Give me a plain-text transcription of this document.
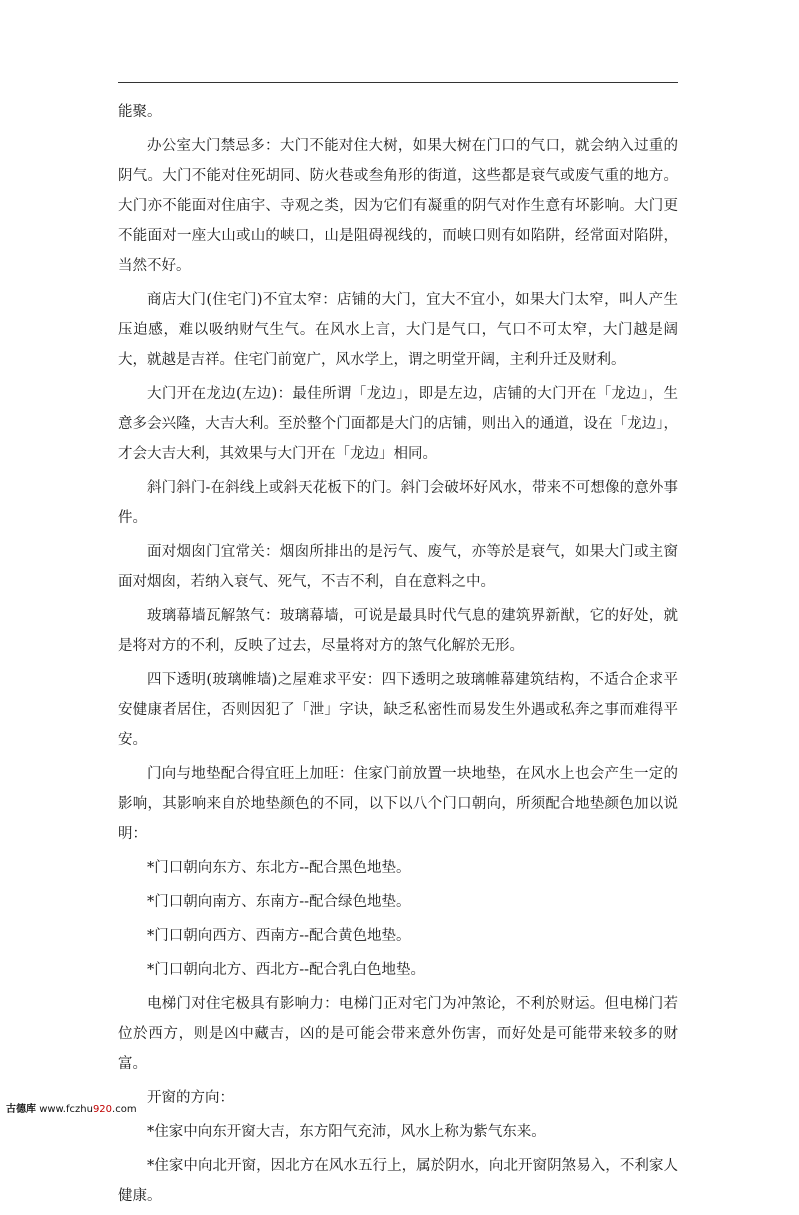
能聚。

办公室大门禁忌多：大门不能对住大树，如果大树在门口的气口，就会纳入过重的阴气。大门不能对住死胡同、防火巷或叁角形的街道，这些都是衰气或废气重的地方。大门亦不能面对住庙宇、寺观之类，因为它们有凝重的阴气对作生意有坏影响。大门更不能面对一座大山或山的峡口，山是阻碍视线的，而峡口则有如陷阱，经常面对陷阱，当然不好。

商店大门(住宅门)不宜太窄：店铺的大门，宜大不宜小，如果大门太窄，叫人产生压迫感，难以吸纳财气生气。在风水上言，大门是气口，气口不可太窄，大门越是阔大，就越是吉祥。住宅门前宽广，风水学上，谓之明堂开阔，主利升迁及财利。

大门开在龙边(左边)：最佳所谓「龙边」，即是左边，店铺的大门开在「龙边」，生意多会兴隆，大吉大利。至於整个门面都是大门的店铺，则出入的通道，设在「龙边」，才会大吉大利，其效果与大门开在「龙边」相同。

斜门斜门-在斜线上或斜天花板下的门。斜门会破坏好风水，带来不可想像的意外事件。

面对烟囱门宜常关：烟囱所排出的是污气、废气，亦等於是衰气，如果大门或主窗面对烟囱，若纳入衰气、死气，不吉不利，自在意料之中。

玻璃幕墙瓦解煞气：玻璃幕墙，可说是最具时代气息的建筑界新猷，它的好处，就是将对方的不利，反映了过去，尽量将对方的煞气化解於无形。

四下透明(玻璃帷墙)之屋难求平安：四下透明之玻璃帷幕建筑结构，不适合企求平安健康者居住，否则因犯了「泄」字诀，缺乏私密性而易发生外遇或私奔之事而难得平安。

门向与地垫配合得宜旺上加旺：住家门前放置一块地垫，在风水上也会产生一定的影响，其影响来自於地垫颜色的不同，以下以八个门口朝向，所须配合地垫颜色加以说明：

*门口朝向东方、东北方--配合黑色地垫。

*门口朝向南方、东南方--配合绿色地垫。

*门口朝向西方、西南方--配合黄色地垫。

*门口朝向北方、西北方--配合乳白色地垫。

电梯门对住宅极具有影响力：电梯门正对宅门为冲煞论，不利於财运。但电梯门若位於西方，则是凶中藏吉，凶的是可能会带来意外伤害，而好处是可能带来较多的财富。

开窗的方向：

*住家中向东开窗大吉，东方阳气充沛，风水上称为紫气东来。

*住家中向北开窗，因北方在风水五行上，属於阴水，向北开窗阴煞易入，不利家人健康。

古德库 www.fczhu920.com
